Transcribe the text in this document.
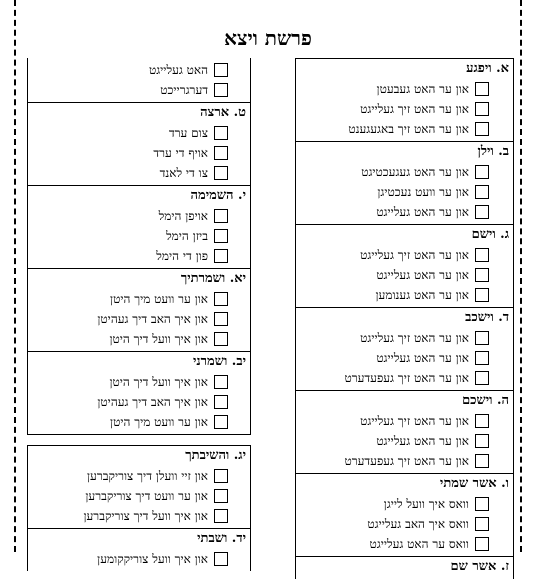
פרשת ויצא
א. ויפגע
און ער האט געבעטן
און ער האט זיך געלייגט
און ער האט זיך באגעגענט
ב. וילן
און ער האט געגעכטיגט
און ער וועט נעכטיגן
און ער האט געלייגט
ג. וישם
און ער האט זיך געלייגט
און ער האט געלייגט
און ער האט גענומען
ד. וישכב
און ער האט זיך געלייגט
און ער האט געלייגט
און ער האט זיך געפעדערט
ה. וישכם
און ער האט זיך געלייגט
און ער האט געלייגט
און ער האט זיך געפעדערט
ו. אשר שמתי
וואס איך וועל לייגן
וואס איך האב געלייגט
וואס ער האט געלייגט
ז. אשר שם
האט געלייגט
דערגרייכט
ט. ארצה
צום ערד
אויף די ערד
צו די לאנד
י. השמימה
אויפן הימל
ביזן הימל
פון די הימל
יא. ושמרתיך
און ער וועט מיך היטן
און איך האב דיך געהיטן
און איך וועל דיך היטן
יב. ושמרני
און איך וועל דיך היטן
און איך האב דיך געהיטן
און ער וועט מיך היטן
יג. והשיבתך
און זיי וועלן דיך צוריקברען
און ער וועט דיך צוריקברען
און איך וועל דיך צוריקברען
יד. ושבתי
און איך וועל צוריקקומען
